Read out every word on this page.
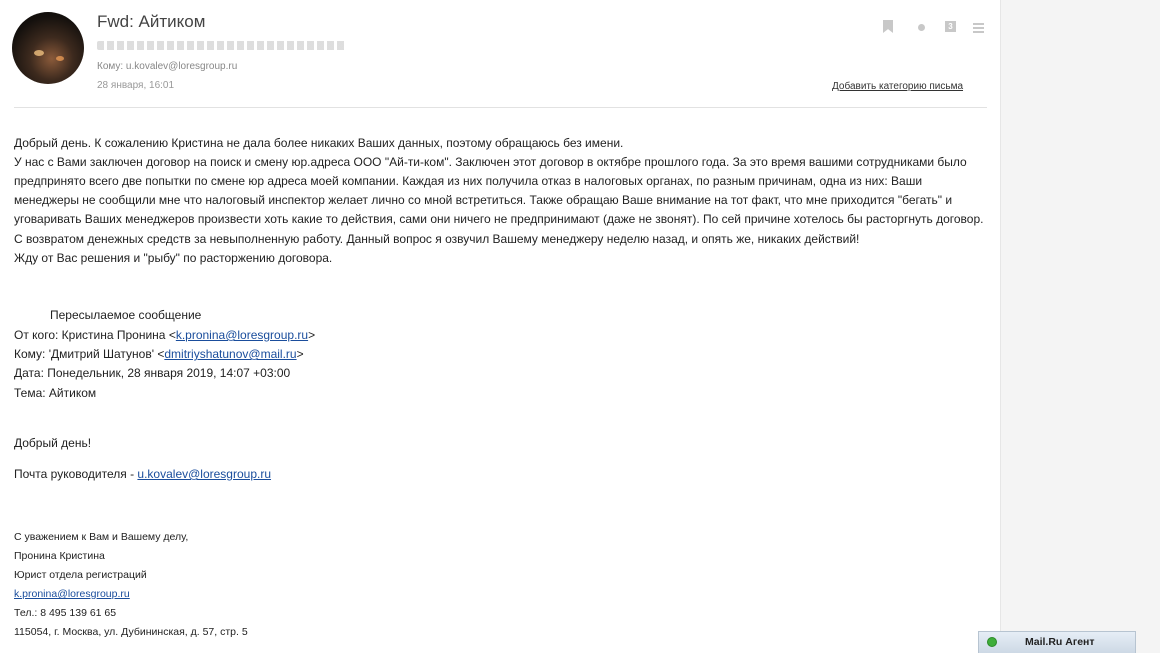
Fwd: Айтиком
Кому: u.kovalev@loresgroup.ru
28 января, 16:01	Добавить категорию письма
3
Добрый день. К сожалению Кристина не дала более никаких Ваших данных, поэтому обращаюсь без имени.
У нас с Вами заключен договор на поиск и смену юр.адреса ООО "Ай-ти-ком". Заключен этот договор в октябре прошлого года. За это время вашими сотрудниками было
предпринято всего две попытки по смене юр адреса моей компании. Каждая из них получила отказ в налоговых органах, по разным причинам, одна из них: Ваши
менеджеры не сообщили мне что налоговый инспектор желает лично со мной встретиться. Также обращаю Ваше внимание на тот факт, что мне приходится "бегать" и
уговаривать Ваших менеджеров произвести хоть какие то действия, сами они ничего не предпринимают (даже не звонят). По сей причине хотелось бы расторгнуть договор.
С возвратом денежных средств за невыполненную работу. Данный вопрос я озвучил Вашему менеджеру неделю назад, и опять же, никаких действий!
Жду от Вас решения и "рыбу" по расторжению договора.
Пересылаемое сообщение
От кого: Кристина Пронина <k.pronina@loresgroup.ru>
Кому: 'Дмитрий Шатунов' <dmitriyshatunov@mail.ru>
Дата: Понедельник, 28 января 2019, 14:07 +03:00
Тема: Айтиком
Добрый день!
Почта руководителя - u.kovalev@loresgroup.ru
С уважением к Вам и Вашему делу,
Пронина Кристина
Юрист отдела регистраций
k.pronina@loresgroup.ru
Тел.: 8 495 139 61 65
115054, г. Москва, ул. Дубининская, д. 57, стр. 5
Mail.Ru Агент
